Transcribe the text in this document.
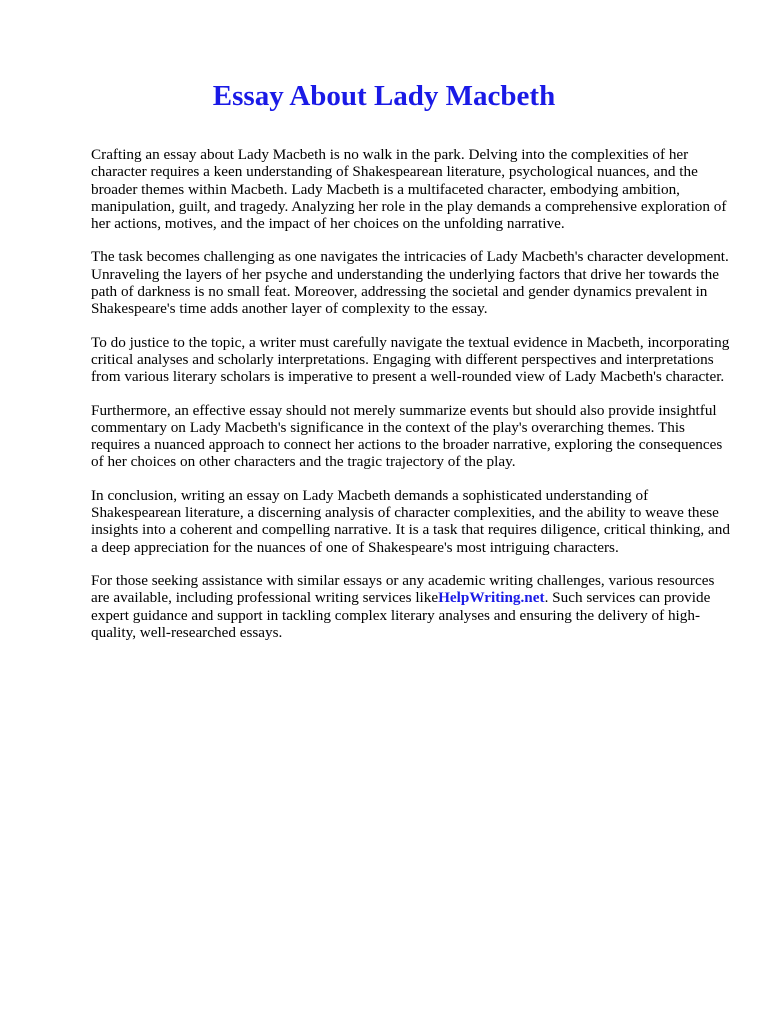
Essay About Lady Macbeth

Crafting an essay about Lady Macbeth is no walk in the park. Delving into the complexities of her character requires a keen understanding of Shakespearean literature, psychological nuances, and the broader themes within Macbeth. Lady Macbeth is a multifaceted character, embodying ambition, manipulation, guilt, and tragedy. Analyzing her role in the play demands a comprehensive exploration of her actions, motives, and the impact of her choices on the unfolding narrative.

The task becomes challenging as one navigates the intricacies of Lady Macbeth's character development. Unraveling the layers of her psyche and understanding the underlying factors that drive her towards the path of darkness is no small feat. Moreover, addressing the societal and gender dynamics prevalent in Shakespeare's time adds another layer of complexity to the essay.

To do justice to the topic, a writer must carefully navigate the textual evidence in Macbeth, incorporating critical analyses and scholarly interpretations. Engaging with different perspectives and interpretations from various literary scholars is imperative to present a well-rounded view of Lady Macbeth's character.

Furthermore, an effective essay should not merely summarize events but should also provide insightful commentary on Lady Macbeth's significance in the context of the play's overarching themes. This requires a nuanced approach to connect her actions to the broader narrative, exploring the consequences of her choices on other characters and the tragic trajectory of the play.

In conclusion, writing an essay on Lady Macbeth demands a sophisticated understanding of Shakespearean literature, a discerning analysis of character complexities, and the ability to weave these insights into a coherent and compelling narrative. It is a task that requires diligence, critical thinking, and a deep appreciation for the nuances of one of Shakespeare's most intriguing characters.

For those seeking assistance with similar essays or any academic writing challenges, various resources are available, including professional writing services likeHelpWriting.net. Such services can provide expert guidance and support in tackling complex literary analyses and ensuring the delivery of high-quality, well-researched essays.
